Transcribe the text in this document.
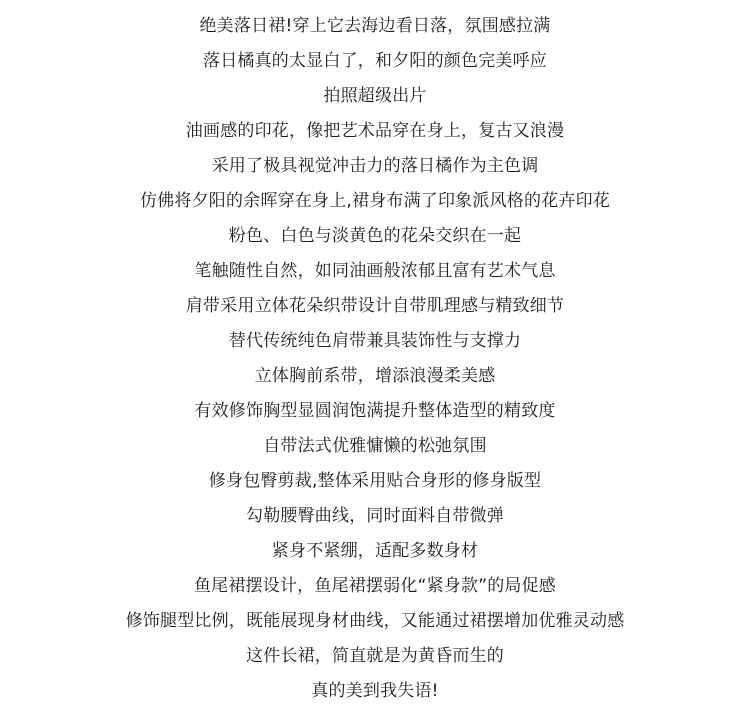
绝美落日裙!穿上它去海边看日落，氛围感拉满
落日橘真的太显白了，和夕阳的颜色完美呼应
拍照超级出片
油画感的印花，像把艺术品穿在身上，复古又浪漫
采用了极具视觉冲击力的落日橘作为主色调
仿佛将夕阳的余晖穿在身上,裙身布满了印象派风格的花卉印花
粉色、白色与淡黄色的花朵交织在一起
笔触随性自然，如同油画般浓郁且富有艺术气息
肩带采用立体花朵织带设计自带肌理感与精致细节
替代传统纯色肩带兼具装饰性与支撑力
立体胸前系带，增添浪漫柔美感
有效修饰胸型显圆润饱满提升整体造型的精致度
自带法式优雅慵懒的松弛氛围
修身包臀剪裁,整体采用贴合身形的修身版型
勾勒腰臀曲线，同时面料自带微弹
紧身不紧绷，适配多数身材
鱼尾裙摆设计，鱼尾裙摆弱化“紧身款”的局促感
修饰腿型比例，既能展现身材曲线，又能通过裙摆增加优雅灵动感
这件长裙，简直就是为黄昏而生的
真的美到我失语!
